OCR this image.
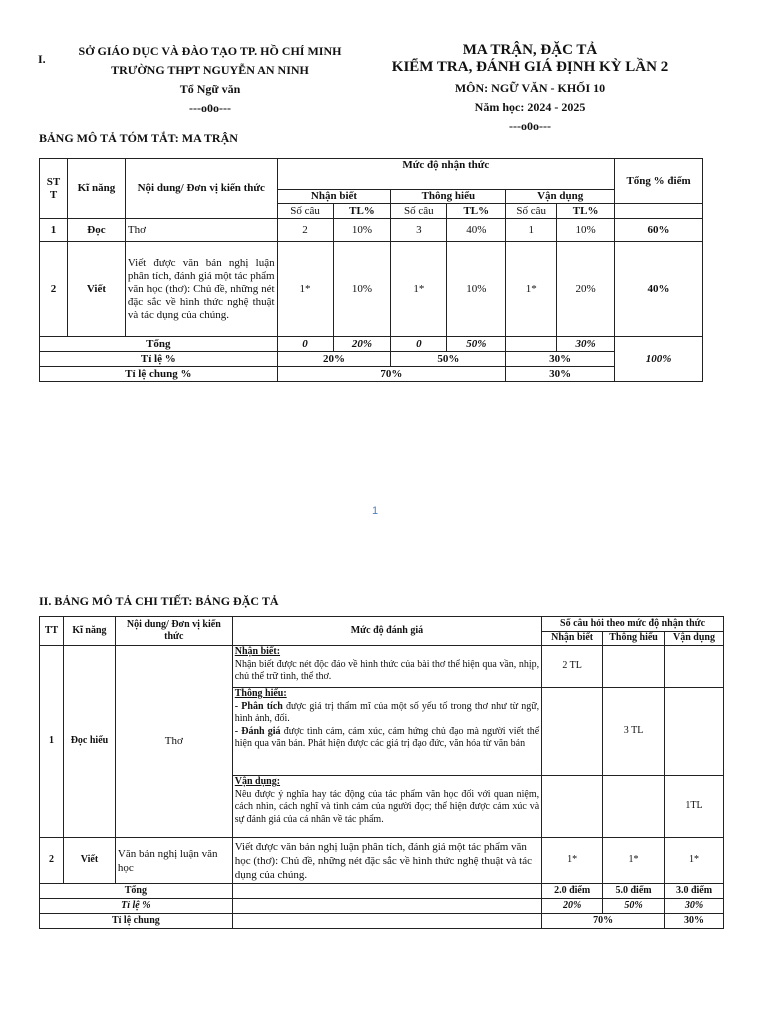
I.
SỞ GIÁO DỤC VÀ ĐÀO TẠO TP. HỒ CHÍ MINH
TRƯỜNG THPT NGUYỄN AN NINH
Tổ Ngữ văn
---o0o---
MA TRẬN, ĐẶC TẢ
KIỂM TRA, ĐÁNH GIÁ ĐỊNH KỲ LẦN 2
MÔN: NGỮ VĂN - KHỐI 10
Năm học: 2024 - 2025
---o0o---
BẢNG MÔ TẢ TÓM TẮT: MA TRẬN
ST T	Kĩ năng	Nội dung/ Đơn vị kiến thức	Mức độ nhận thức						Tổng % điểm
			Nhận biết		Thông hiểu		Vận dụng		
			Số câu	TL%	Số câu	TL%	Số câu	TL%	
1	Đọc	Thơ	2	10%	3	40%	1	10%	60%
2	Viết	Viết được văn bản nghị luận phân tích, đánh giá một tác phẩm văn học (thơ): Chủ đề, những nét đặc sắc về hình thức nghệ thuật và tác dụng của chúng.	1*	10%	1*	10%	1*	20%	40%
Tổng			0	20%	0	50%		30%	100%
Tỉ lệ %			20%		50%		30%		
Tỉ lệ chung %			70%				30%		
1
II. BẢNG MÔ TẢ CHI TIẾT: BẢNG ĐẶC TẢ
TT	Kĩ năng	Nội dung/ Đơn vị kiến thức	Mức độ đánh giá	Số câu hỏi theo mức độ nhận thức		
				Nhận biết	Thông hiểu	Vận dụng
1	Đọc hiểu	Thơ	Nhận biết:
Nhận biết được nét độc đáo về hình thức của bài thơ thể hiện qua vần, nhịp, chủ thể trữ tình, thể thơ.	2 TL		

			Thông hiểu:
- Phân tích được giá trị thẩm mĩ của một số yếu tố trong thơ như từ ngữ, hình ảnh, đối.
- Đánh giá được tình cảm, cảm xúc, cảm hứng chủ đạo mà người viết thể hiện qua văn bản. Phát hiện được các giá trị đạo đức, văn hóa từ văn bản		3 TL	

			Vận dụng:
Nêu được ý nghĩa hay tác động của tác phẩm văn học đối với quan niệm, cách nhìn, cách nghĩ và tình cảm của người đọc; thể hiện được cảm xúc và sự đánh giá của cá nhân về tác phẩm.			1TL
2	Viết	Văn bản nghị luận văn học	Viết được văn bản nghị luận phân tích, đánh giá một tác phẩm văn học (thơ): Chủ đề, những nét đặc sắc về hình thức nghệ thuật và tác dụng của chúng.	1*	1*	1*
Tổng				2.0 điểm	5.0 điểm	3.0 điểm
Tỉ lệ %				20%	50%	30%
Tỉ lệ chung				70%		30%
